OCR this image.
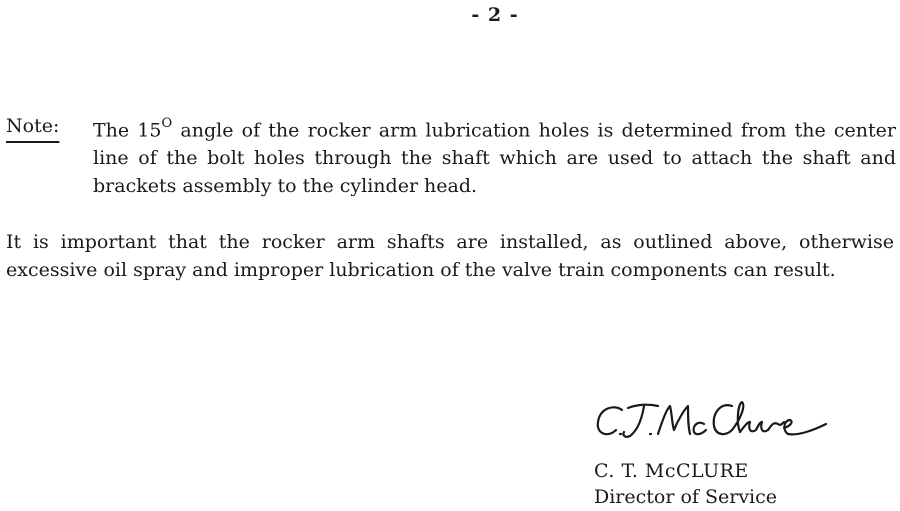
- 2 -
Note:	The $15^O$ angle of the rocker arm lubrication holes is determined from the center line of the bolt holes through the shaft which are used to attach the shaft and brackets assembly to the cylinder head.
It is important that the rocker arm shafts are installed, as outlined above, otherwise excessive oil spray and improper lubrication of the valve train components can result.
C. T. McCLURE
Director of Service
